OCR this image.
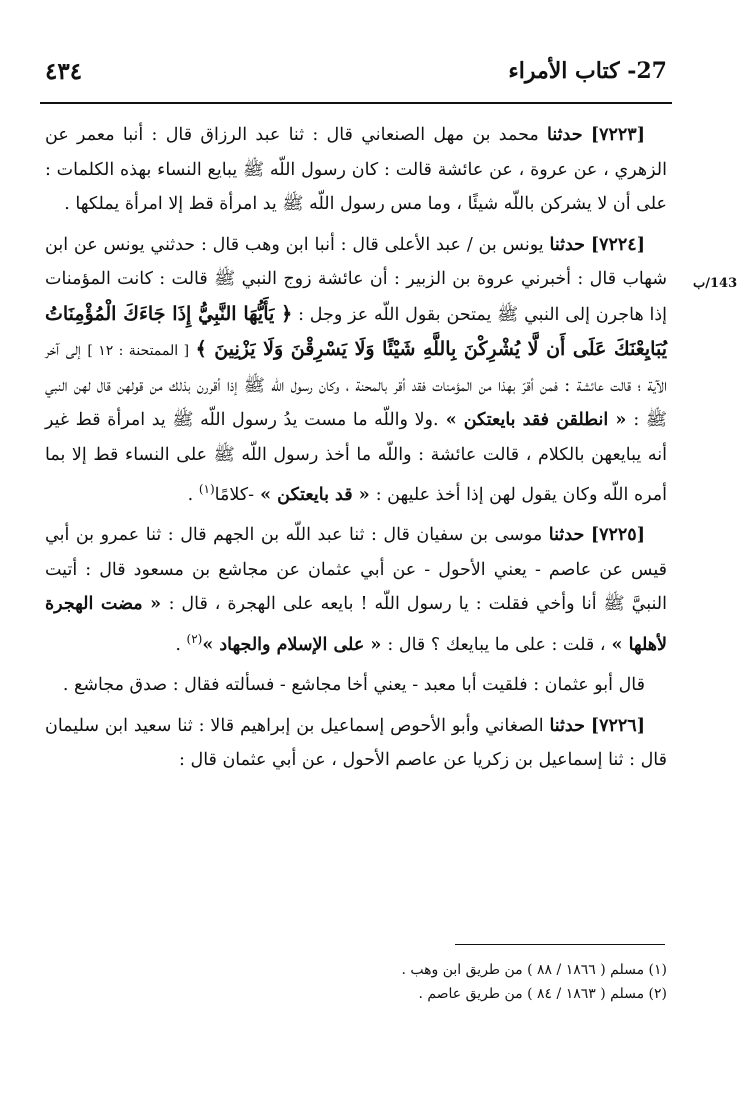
27- كتاب الأمراء
٤٣٤
143/ب

[٧٢٢٣] حدثنا محمد بن مهل الصنعاني قال : ثنا عبد الرزاق قال : أنبا معمر عن الزهري ، عن عروة ، عن عائشة قالت : كان رسول اللّه ﷺ يبايع النساء بهذه الكلمات : على أن لا يشركن باللّه شيئًا ، وما مس رسول اللّه ﷺ يد امرأة قط إلا امرأة يملكها .

[٧٢٢٤] حدثنا يونس بن / عبد الأعلى قال : أنبا ابن وهب قال : حدثني يونس عن ابن شهاب قال : أخبرني عروة بن الزبير : أن عائشة زوج النبي ﷺ قالت : كانت المؤمنات إذا هاجرن إلى النبي ﷺ يمتحن بقول اللّه عز وجل : ﴿ يَأَيُّهَا النَّبِيُّ إِذَا جَاءَكَ الْمُؤْمِنَاتُ يُبَايِعْنَكَ عَلَى أَن لَّا يُشْرِكْنَ بِاللَّهِ شَيْئًا وَلَا يَسْرِقْنَ وَلَا يَزْنِينَ ﴾ [ الممتحنة : ١٢ ] إلى آخر الآية ؛ قالت عائشة : فمن أقرّ بهذا من المؤمنات فقد أقر بالمحنة ، وكان رسول اللّه ﷺ إذا أقررن بذلك من قولهن قال لهن النبي ﷺ : « انطلقن فقد بايعتكن » .ولا واللّه ما مست يدُ رسول اللّه ﷺ يد امرأة قط غير أنه يبايعهن بالكلام ، قالت عائشة : واللّه ما أخذ رسول اللّه ﷺ على النساء قط إلا بما أمره اللّه وكان يقول لهن إذا أخذ عليهن : « قد بايعتكن » -كلامًا$^{(١)}$ .

[٧٢٢٥] حدثنا موسى بن سفيان قال : ثنا عبد اللّه بن الجهم قال : ثنا عمرو بن أبي قيس عن عاصم - يعني الأحول - عن أبي عثمان عن مجاشع بن مسعود قال : أتيت النبيَّ ﷺ أنا وأخي فقلت : يا رسول اللّه ! بايعه على الهجرة ، قال : « مضت الهجرة لأهلها » ، قلت : على ما يبايعك ؟ قال : « على الإسلام والجهاد »$^{(٢)}$ .

قال أبو عثمان : فلقيت أبا معبد - يعني أخا مجاشع - فسألته فقال : صدق مجاشع .

[٧٢٢٦] حدثنا الصغاني وأبو الأحوص إسماعيل بن إبراهيم قالا : ثنا سعيد ابن سليمان قال : ثنا إسماعيل بن زكريا عن عاصم الأحول ، عن أبي عثمان قال :

(١) مسلم ( ١٨٦٦ / ٨٨ ) من طريق ابن وهب .
(٢) مسلم ( ١٨٦٣ / ٨٤ ) من طريق عاصم .
